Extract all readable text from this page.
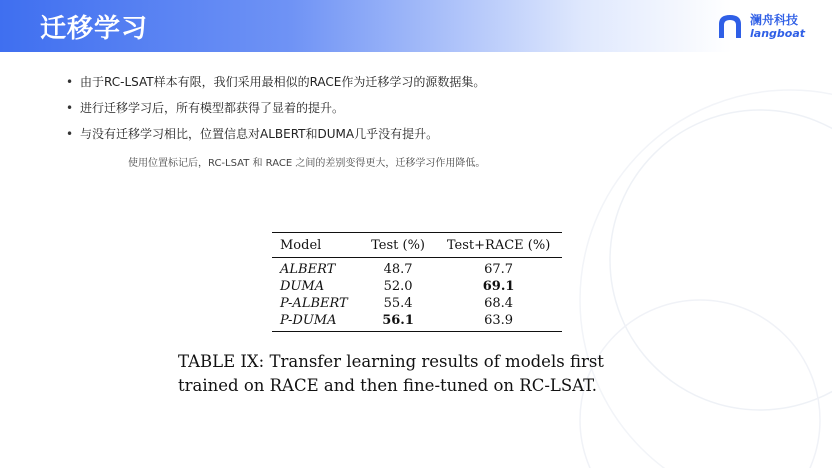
迁移学习	澜舟科技
langboat
• 由于RC-LSAT样本有限，我们采用最相似的RACE作为迁移学习的源数据集。
• 进行迁移学习后，所有模型都获得了显着的提升。
• 与没有迁移学习相比，位置信息对ALBERT和DUMA几乎没有提升。
使用位置标记后，RC-LSAT 和 RACE 之间的差别变得更大，迁移学习作用降低。
Model	Test (%)	Test+RACE (%)
ALBERT	48.7	67.7
DUMA	52.0	69.1
P-ALBERT	55.4	68.4
P-DUMA	56.1	63.9
TABLE IX: Transfer learning results of models first trained on RACE and then fine-tuned on RC-LSAT.
